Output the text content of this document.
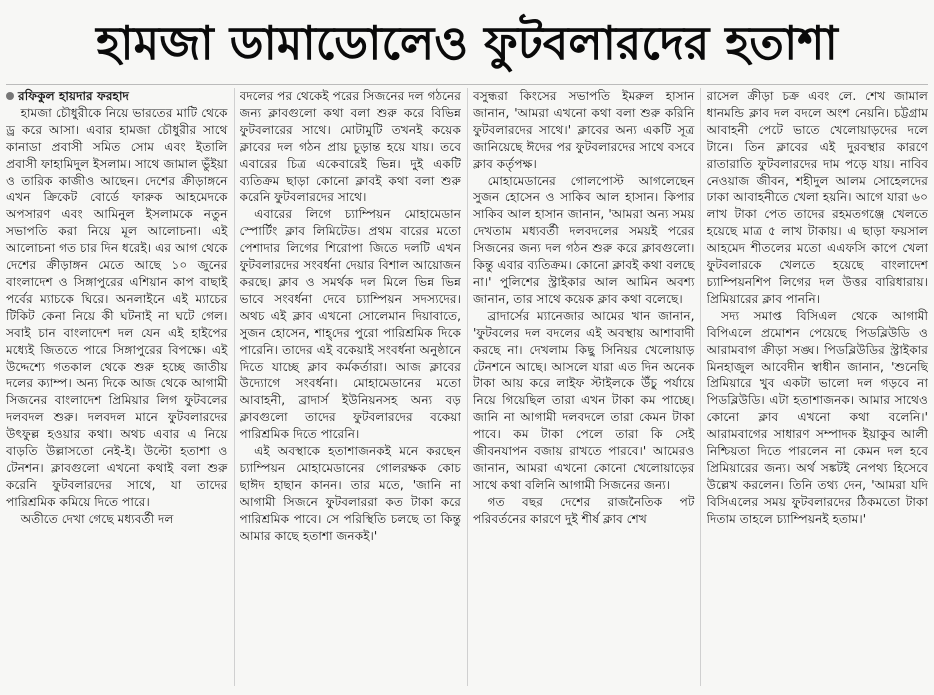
হামজা ডামাডোলেও ফুটবলারদের হতাশা
রফিকুল হায়দার ফরহাদ

হামজা চৌধুরীকে নিয়ে ভারতের মাটি থেকে ড্র করে আসা। এবার হামজা চৌধুরীর সাথে কানাডা প্রবাসী সমিত সোম এবং ইতালি প্রবাসী ফাহামিদুল ইসলাম। সাথে জামাল ভুঁইয়া ও তারিক কাজীও আছেন। দেশের ক্রীড়াঙ্গনে এখন ক্রিকেট বোর্ডে ফারুক আহমেদকে অপসারণ এবং আমিনুল ইসলামকে নতুন সভাপতি করা নিয়ে মূল আলোচনা। এই আলোচনা গত চার দিন ধরেই। এর আগ থেকে দেশের ক্রীড়াঙ্গন মেতে আছে ১০ জুনের বাংলাদেশ ও সিঙ্গাপুরের এশিয়ান কাপ বাছাই পর্বের ম্যাচকে ঘিরে। অনলাইনে এই ম্যাচের টিকিট কেনা নিয়ে কী ঘটনাই না ঘটে গেল। সবাই চান বাংলাদেশ দল যেন এই হাইপের মধ্যেই জিততে পারে সিঙ্গাপুরের বিপক্ষে। এই উদ্দেশ্যে গতকাল থেকে শুরু হচ্ছে জাতীয় দলের ক্যাম্প। অন্য দিকে আজ থেকে আগামী সিজনের বাংলাদেশ প্রিমিয়ার লিগ ফুটবলের দলবদল শুরু। দলবদল মানে ফুটবলারদের উৎফুল্ল হওয়ার কথা। অথচ এবার এ নিয়ে বাড়তি উল্লাসতো নেই-ই। উল্টো হতাশা ও টেনশন। ক্লাবগুলো এখনো কথাই বলা শুরু করেনি ফুটবলারদের সাথে, যা তাদের পারিশ্রমিক কমিয়ে দিতে পারে।

অতীতে দেখা গেছে মধ্যবর্তী দল

বদলের পর থেকেই পরের সিজনের দল গঠনের জন্য ক্লাবগুলো কথা বলা শুরু করে বিভিন্ন ফুটবলারের সাথে। মোটামুটি তখনই কয়েক ক্লাবের দল গঠন প্রায় চূড়ান্ত হয়ে যায়। তবে এবারের চিত্র একেবারেই ভিন্ন। দুই একটি ব্যতিক্রম ছাড়া কোনো ক্লাবই কথা বলা শুরু করেনি ফুটবলারদের সাথে।

এবারের লিগে চ্যাম্পিয়ন মোহামেডান স্পোর্টিং ক্লাব লিমিটেড। প্রথম বারের মতো পেশাদার লিগের শিরোপা জিতে দলটি এখন ফুটবলারদের সংবর্ধনা দেয়ার বিশাল আয়োজন করছে। ক্লাব ও সমর্থক দল মিলে ভিন্ন ভিন্ন ভাবে সংবর্ধনা দেবে চ্যাম্পিয়ন সদস্যদের। অথচ এই ক্লাব এখনো সোলেমান দিয়াবাতে, সুজন হোসেন, শাহ্‌দের পুরো পারিশ্রমিক দিকে পারেনি। তাদের এই বকেয়াই সংবর্ধনা অনুষ্ঠানে দিতে যাচ্ছে ক্লাব কর্মকর্তারা। আজ ক্লাবের উদ্যোগে সংবর্ধনা। মোহামেডানের মতো আবাহনী, ব্রাদার্স ইউনিয়নসহ অন্য বড় ক্লাবগুলো তাদের ফুটবলারদের বকেয়া পারিশ্রমিক দিতে পারেনি।

এই অবস্থাকে হতাশাজনকই মনে করছেন চ্যাম্পিয়ন মোহামেডানের গোলরক্ষক কোচ ছাঈদ হাছান কানন। তার মতে, 'জানি না আগামী সিজনে ফুটবলাররা কত টাকা করে পারিশ্রমিক পাবে। সে পরিস্থিতি চলছে তা কিন্তু আমার কাছে হতাশা জনকই।'

বসুন্ধরা কিংসের সভাপতি ইমরুল হাসান জানান, 'আমরা এখনো কথা বলা শুরু করিনি ফুটবলারদের সাথে।' ক্লাবের অন্য একটি সূত্র জানিয়েছে ঈদের পর ফুটবলারদের সাথে বসবে ক্লাব কর্তৃপক্ষ।

মোহামেডানের গোলপোস্ট আগলেছেন সুজন হোসেন ও সাকিব আল হাসান। কিপার সাকিব আল হাসান জানান, 'আমরা অন্য সময় দেখতাম মধ্যবর্তী দলবদলের সময়ই পরের সিজনের জন্য দল গঠন শুরু করে ক্লাবগুলো। কিন্তু এবার ব্যতিক্রম। কোনো ক্লাবই কথা বলছে না।' পুলিশের স্ট্রাইকার আল আমিন অবশ্য জানান, তার সাথে কয়েক ক্লাব কথা বলেছে।

ব্রাদার্সের ম্যানেজার আমের খান জানান, 'ফুটবলের দল বদলের এই অবস্থায় আশাবাদী করছে না। দেখলাম কিছু সিনিয়র খেলোয়াড় টেনশনে আছে। আসলে যারা এত দিন অনেক টাকা আয় করে লাইফ স্টাইলকে উঁচু পর্যায়ে নিয়ে গিয়েছিল তারা এখন টাকা কম পাচ্ছে। জানি না আগামী দলবদলে তারা কেমন টাকা পাবে। কম টাকা পেলে তারা কি সেই জীবনযাপন বজায় রাখতে পারবে।' আমেরও জানান, আমরা এখনো কোনো খেলোয়াড়ের সাথে কথা বলিনি আগামী সিজনের জন্য।

গত বছর দেশের রাজনৈতিক পট পরিবর্তনের কারণে দুই শীর্ষ ক্লাব শেখ

রাসেল ক্রীড়া চক্র এবং লে. শেখ জামাল ধানমন্ডি ক্লাব দল বদলে অংশ নেয়নি। চট্টগ্রাম আবাহনী পেটে ভাতে খেলোয়াড়দের দলে টানে। তিন ক্লাবের এই দুরবস্থার কারণে রাতারাতি ফুটবলারদের দাম পড়ে যায়। নাবিব নেওয়াজ জীবন, শহীদুল আলম সোহেলদের ঢাকা আবাহনীতে খেলা হয়নি। আগে যারা ৬০ লাখ টাকা পেত তাদের রহমতগঞ্জে খেলতে হয়েছে মাত্র ৫ লাখ টাকায়। এ ছাড়া ফয়সাল আহমেদ শীতলের মতো এএফসি কাপে খেলা ফুটবলারকে খেলতে হয়েছে বাংলাদেশ চ্যাম্পিয়নশিপ লিগের দল উত্তর বারিধারায়। প্রিমিয়ারের ক্লাব পাননি।

সদ্য সমাপ্ত বিসিএল থেকে আগামী বিপিএলে প্রমোশন পেয়েছে পিডব্লিউডি ও আরামবাগ ক্রীড়া সঙ্ঘ। পিডব্লিউডির স্ট্রাইকার মিনহাজুল আবেদীন স্বাধীন জানান, 'শুনেছি প্রিমিয়ারে খুব একটা ভালো দল গড়বে না পিডব্লিউডি। এটা হতাশাজনক। আমার সাথেও কোনো ক্লাব এখনো কথা বলেনি।' আরামবাগের সাধারণ সম্পাদক ইয়াকুব আলী নিশ্চিয়তা দিতে পারলেন না কেমন দল হবে প্রিমিয়ারের জন্য। অর্থ সঙ্কটই নেপথ্য হিসেবে উল্লেখ করলেন। তিনি তথ্য দেন, 'আমরা যদি বিসিএলের সময় ফুটবলারদের ঠিকমতো টাকা দিতাম তাহলে চ্যাম্পিয়নই হতাম।'
